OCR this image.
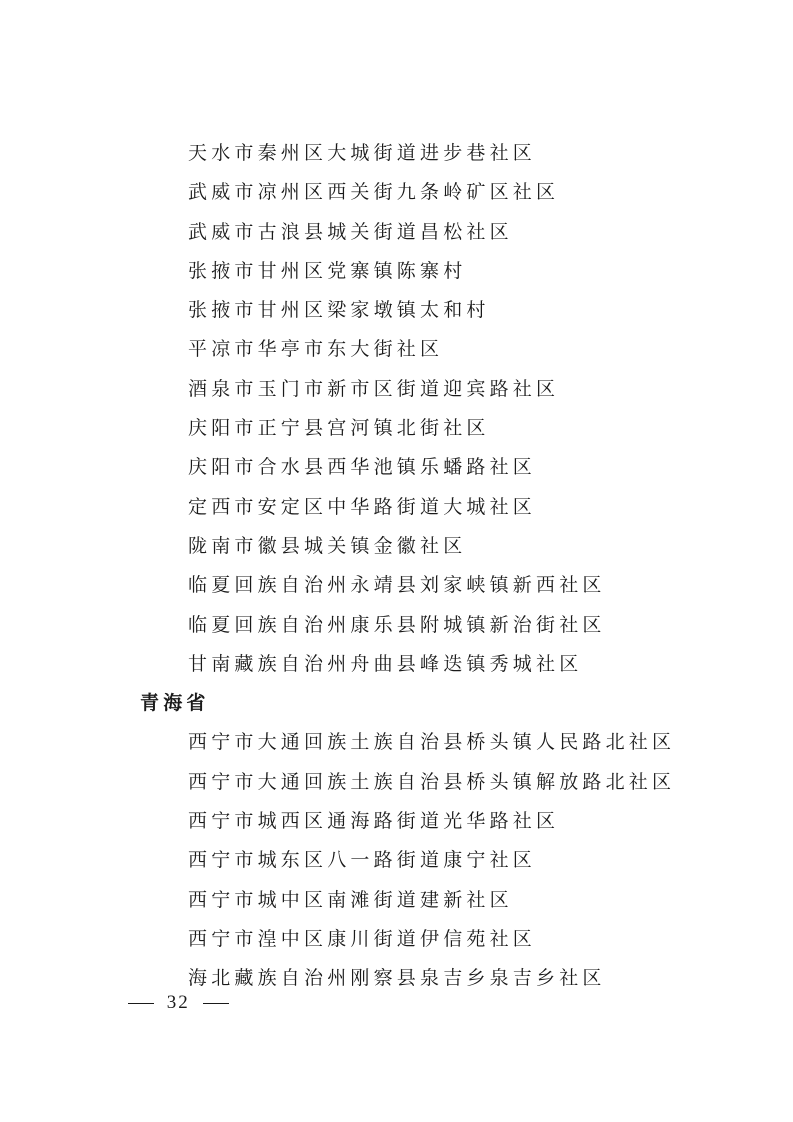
天水市秦州区大城街道进步巷社区
武威市凉州区西关街九条岭矿区社区
武威市古浪县城关街道昌松社区
张掖市甘州区党寨镇陈寨村
张掖市甘州区梁家墩镇太和村
平凉市华亭市东大街社区
酒泉市玉门市新市区街道迎宾路社区
庆阳市正宁县宫河镇北街社区
庆阳市合水县西华池镇乐蟠路社区
定西市安定区中华路街道大城社区
陇南市徽县城关镇金徽社区
临夏回族自治州永靖县刘家峡镇新西社区
临夏回族自治州康乐县附城镇新治街社区
甘南藏族自治州舟曲县峰迭镇秀城社区
青海省
西宁市大通回族土族自治县桥头镇人民路北社区
西宁市大通回族土族自治县桥头镇解放路北社区
西宁市城西区通海路街道光华路社区
西宁市城东区八一路街道康宁社区
西宁市城中区南滩街道建新社区
西宁市湟中区康川街道伊信苑社区
海北藏族自治州刚察县泉吉乡泉吉乡社区
32
